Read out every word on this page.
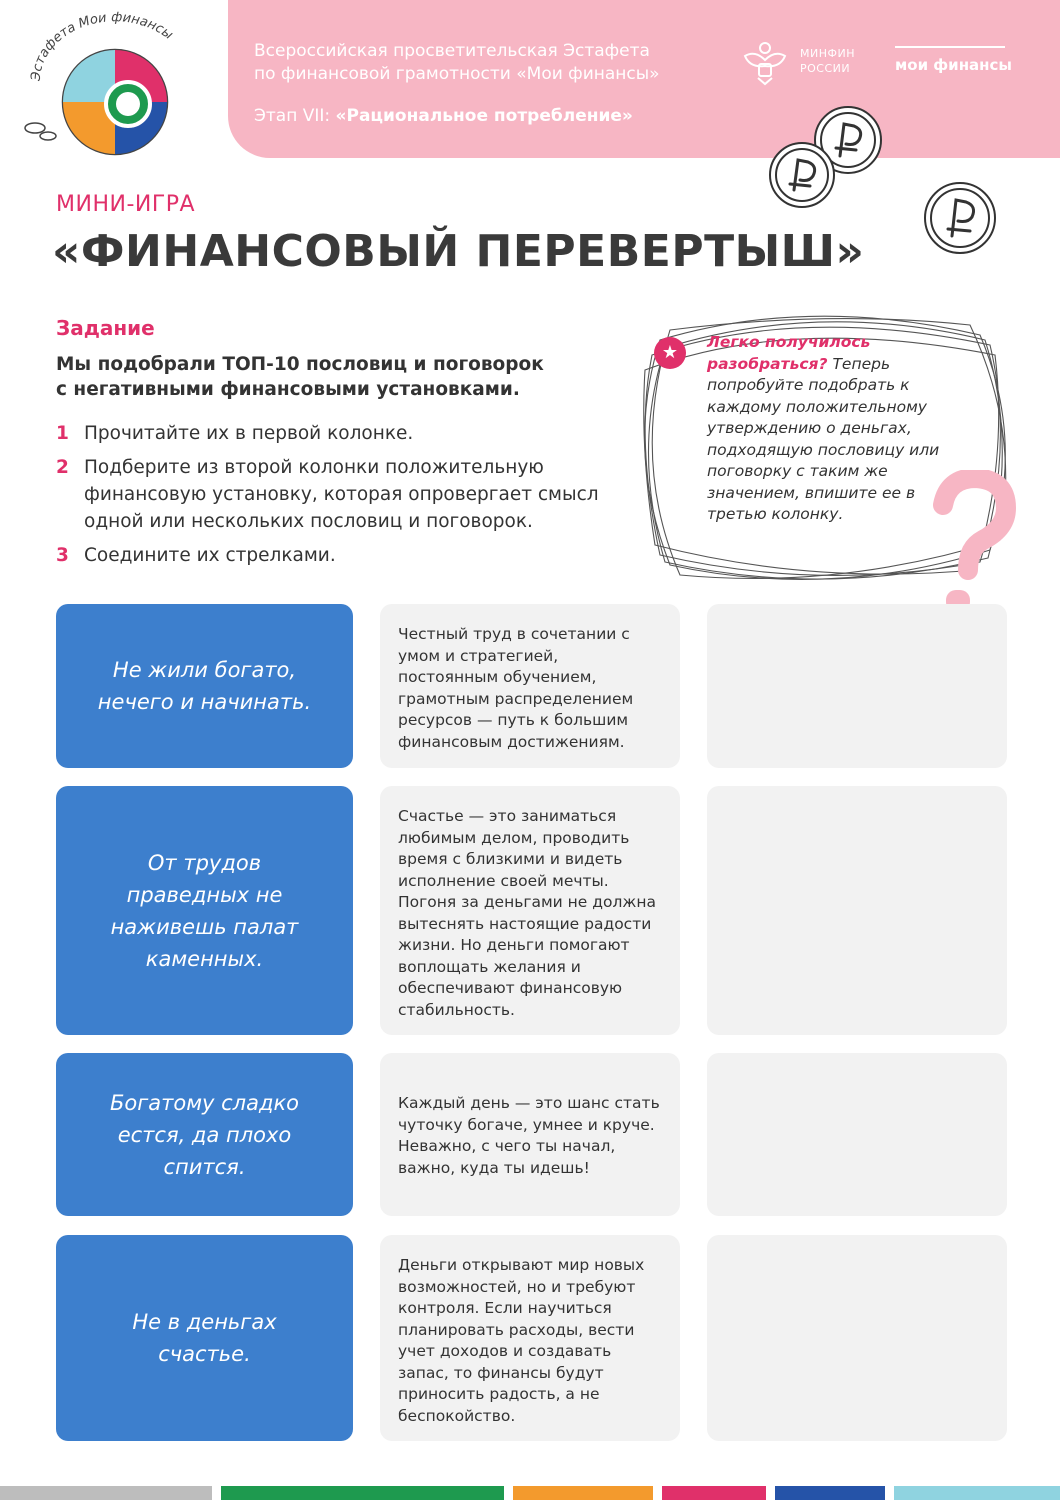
Эстафета Мои финансы
Всероссийская просветительская Эстафета
по финансовой грамотности «Мои финансы»
Этап VII: «Рациональное потребление»
МИНФИН
РОССИИ	мои финансы
МИНИ-ИГРА
«ФИНАНСОВЫЙ ПЕРЕВЕРТЫШ»
Задание
Мы подобрали ТОП-10 пословиц и поговорок
с негативными финансовыми установками.
1 Прочитайте их в первой колонке.
2 Подберите из второй колонки положительную финансовую установку, которая опровергает смысл одной или нескольких пословиц и поговорок.
3 Соедините их стрелками.
★	Легко получилось разобраться? Теперь попробуйте подобрать к каждому положительному утверждению о деньгах, подходящую пословицу или поговорку с таким же значением, впишите ее в третью колонку.
Не жили богато, нечего и начинать.
Честный труд в сочетании с умом и стратегией, постоянным обучением, грамотным распределением ресурсов — путь к большим финансовым достижениям.
От трудов праведных не наживешь палат каменных.
Счастье — это заниматься любимым делом, проводить время с близкими и видеть исполнение своей мечты. Погоня за деньгами не должна вытеснять настоящие радости жизни. Но деньги помогают воплощать желания и обеспечивают финансовую стабильность.
Богатому сладко естся, да плохо спится.
Каждый день — это шанс стать чуточку богаче, умнее и круче. Неважно, с чего ты начал, важно, куда ты идешь!
Не в деньгах счастье.
Деньги открывают мир новых возможностей, но и требуют контроля. Если научиться планировать расходы, вести учет доходов и создавать запас, то финансы будут приносить радость, а не беспокойство.
